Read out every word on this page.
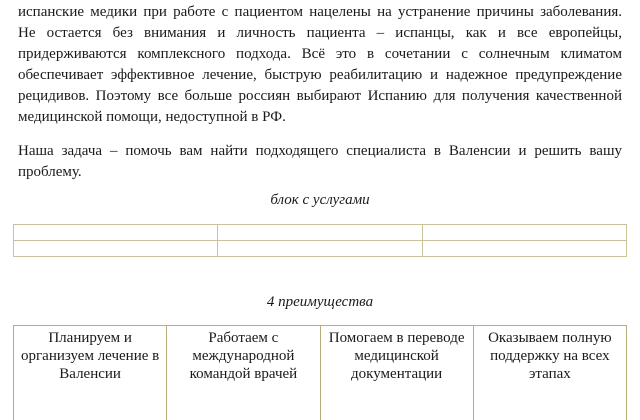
испанские медики при работе с пациентом нацелены на устранение причины заболевания.
Не остается без внимания и личность пациента – испанцы, как и все европейцы,
придерживаются комплексного подхода. Всё это в сочетании с солнечным климатом
обеспечивает эффективное лечение, быструю реабилитацию и надежное предупреждение
рецидивов. Поэтому все больше россиян выбирают Испанию для получения качественной
медицинской помощи, недоступной в РФ.

Наша задача – помочь вам найти подходящего специалиста в Валенсии и решить вашу
проблему.

блок с услугами

4 преимущества
Планируем и организуем лечение в Валенсии	Работаем с международной командой врачей	Помогаем в переводе медицинской документации	Оказываем полную поддержку на всех этапах
